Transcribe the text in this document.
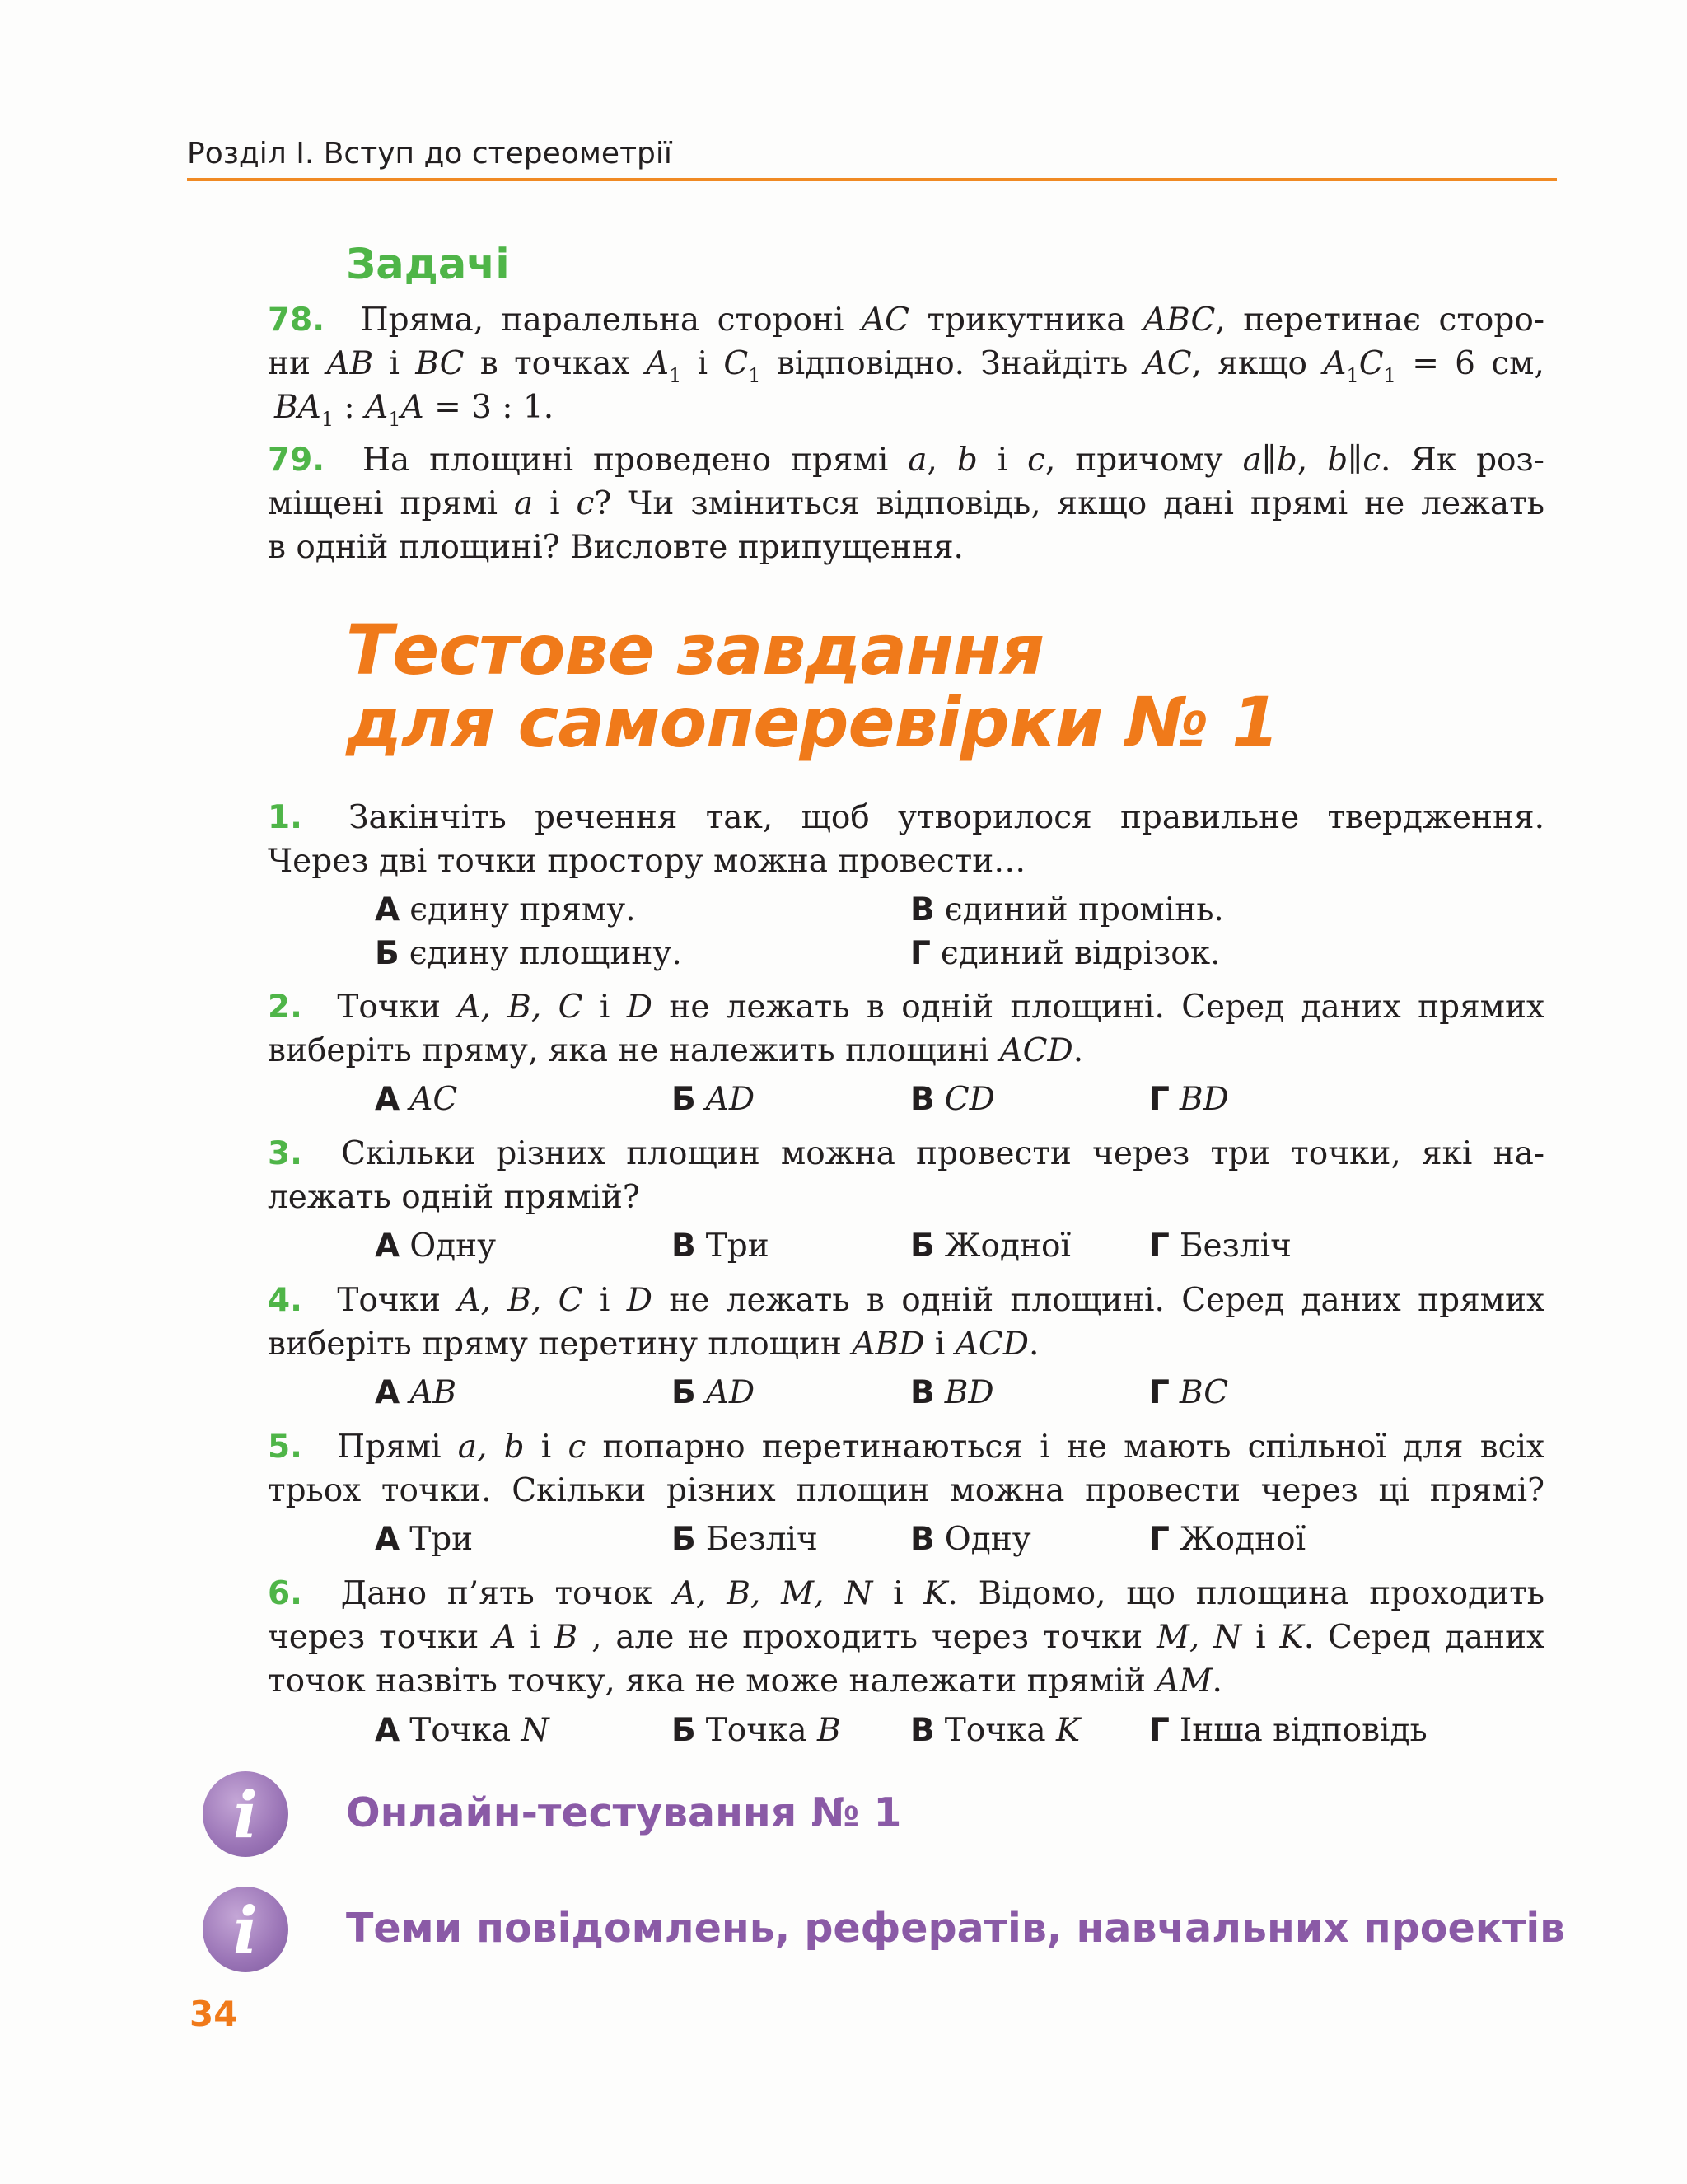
Розділ І. Вступ до стереометрії
Задачі
78. Пряма, паралельна стороні AC трикутника ABC, перетинає сторо-
ни AB і BC в точках $A_1$ і $C_1$ відповідно. Знайдіть AC, якщо $A_1C_1 = 6$ см,
$BA_1$ : $A_1A = 3$ : 1.
79. На площині проведено прямі a, b і c, причому a∥b, b∥c. Як роз-
міщені прямі a і c? Чи зміниться відповідь, якщо дані прямі не лежать
в одній площині? Висловте припущення.
Тестове завдання
для самоперевірки № 1
1. Закінчіть речення так, щоб утворилося правильне твердження.
Через дві точки простору можна провести…
А єдину пряму.	В єдиний промінь.
Б єдину площину.	Г єдиний відрізок.
2. Точки A, B, C і D не лежать в одній площині. Серед даних прямих
виберіть пряму, яка не належить площині ACD.
А AC	Б AD	В CD	Г BD
3. Скільки різних площин можна провести через три точки, які на-
лежать одній прямій?
А Одну	В Три	Б Жодної Г Безліч
4. Точки A, B, C і D не лежать в одній площині. Серед даних прямих
виберіть пряму перетину площин ABD і ACD.
А AB	Б AD	В BD	Г BC
5. Прямі a, b і c попарно перетинаються і не мають спільної для всіх
трьох точки. Скільки різних площин можна провести через ці прямі?
А Три	Б Безліч	В Одну	Г Жодної
6. Дано п’ять точок A, B, M, N і K. Відомо, що площина проходить
через точки A і B , але не проходить через точки M, N і K. Серед даних
точок назвіть точку, яка не може належати прямій AM.
А Точка N	Б Точка B В Точка K Г Інша відповідь
i	Онлайн-тестування № 1
i	Теми повідомлень, рефератів, навчальних проектів
34
